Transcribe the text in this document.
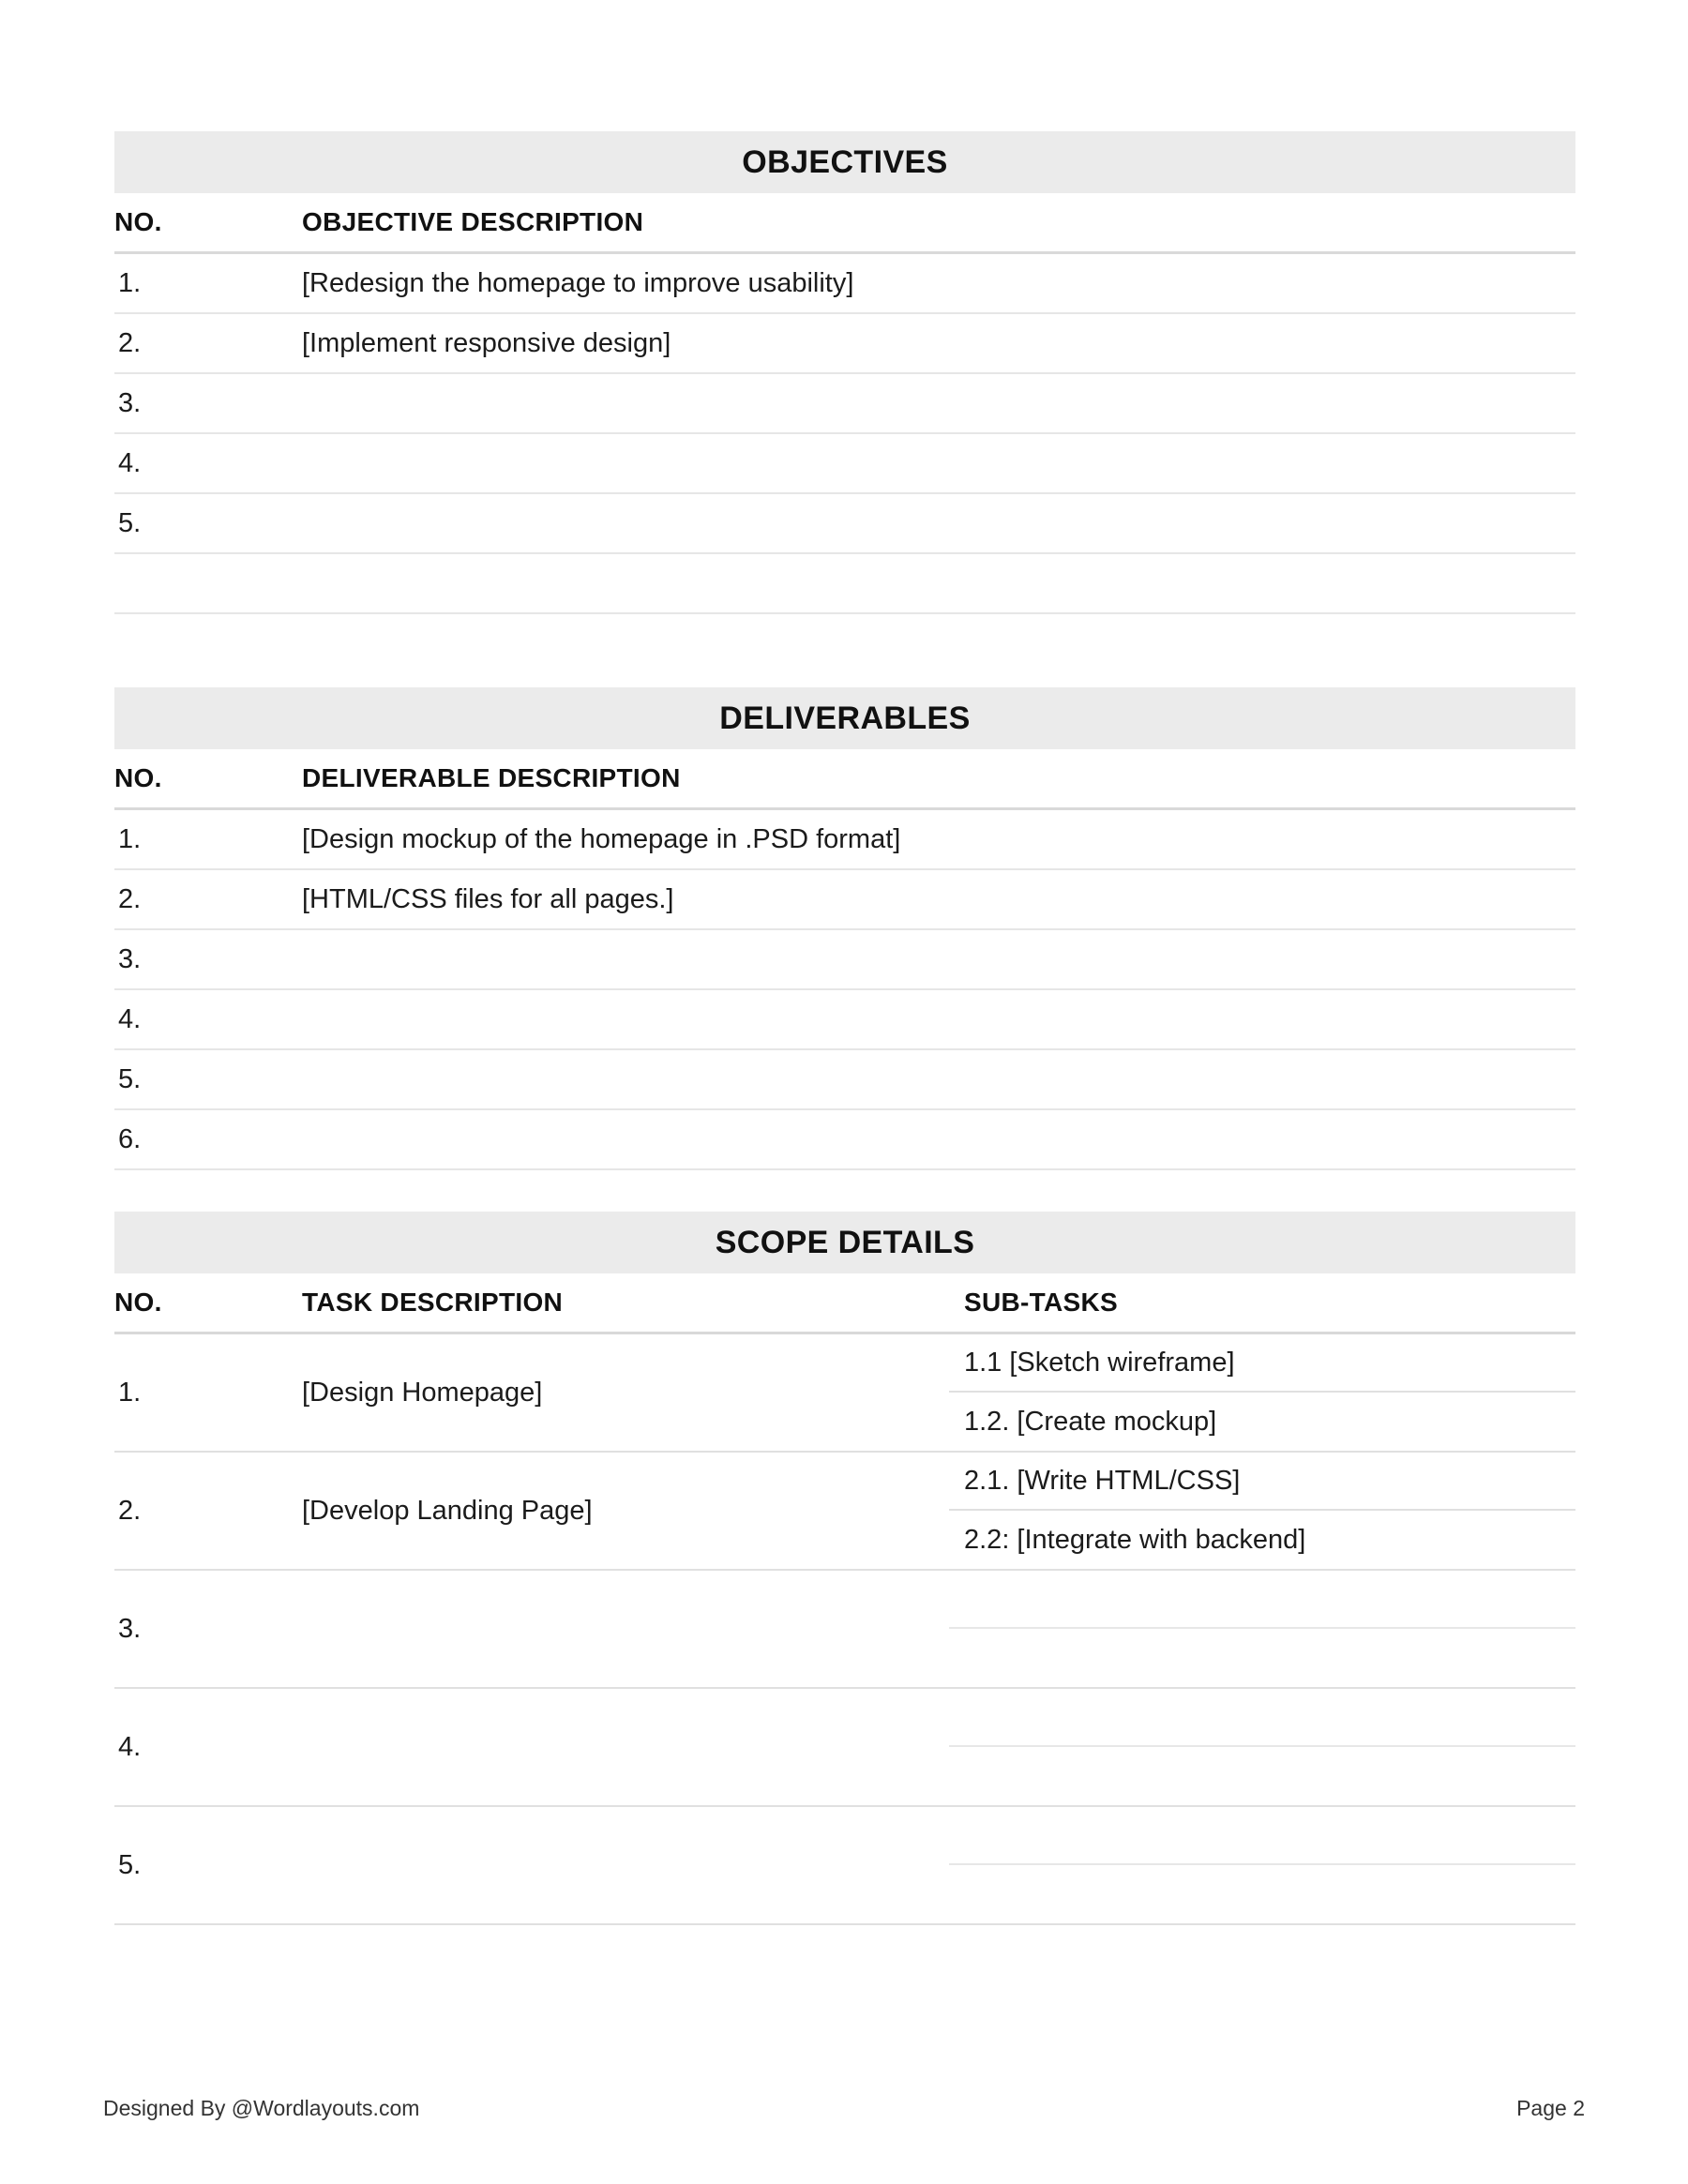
OBJECTIVES
NO.	OBJECTIVE DESCRIPTION
1.	[Redesign the homepage to improve usability]
2.	[Implement responsive design]
3.	
4.	
5.	

DELIVERABLES
NO.	DELIVERABLE DESCRIPTION
1.	[Design mockup of the homepage in .PSD format]
2.	[HTML/CSS files for all pages.]
3.	
4.	
5.	
6.	
SCOPE DETAILS
NO.	TASK DESCRIPTION	SUB-TASKS
1.	[Design Homepage]	1.1 [Sketch wireframe]
1.2. [Create mockup]

2.	[Develop Landing Page]	2.1. [Write HTML/CSS]
2.2: [Integrate with backend]

3.		

4.		

5.		
Designed By @Wordlayouts.com	Page 2
